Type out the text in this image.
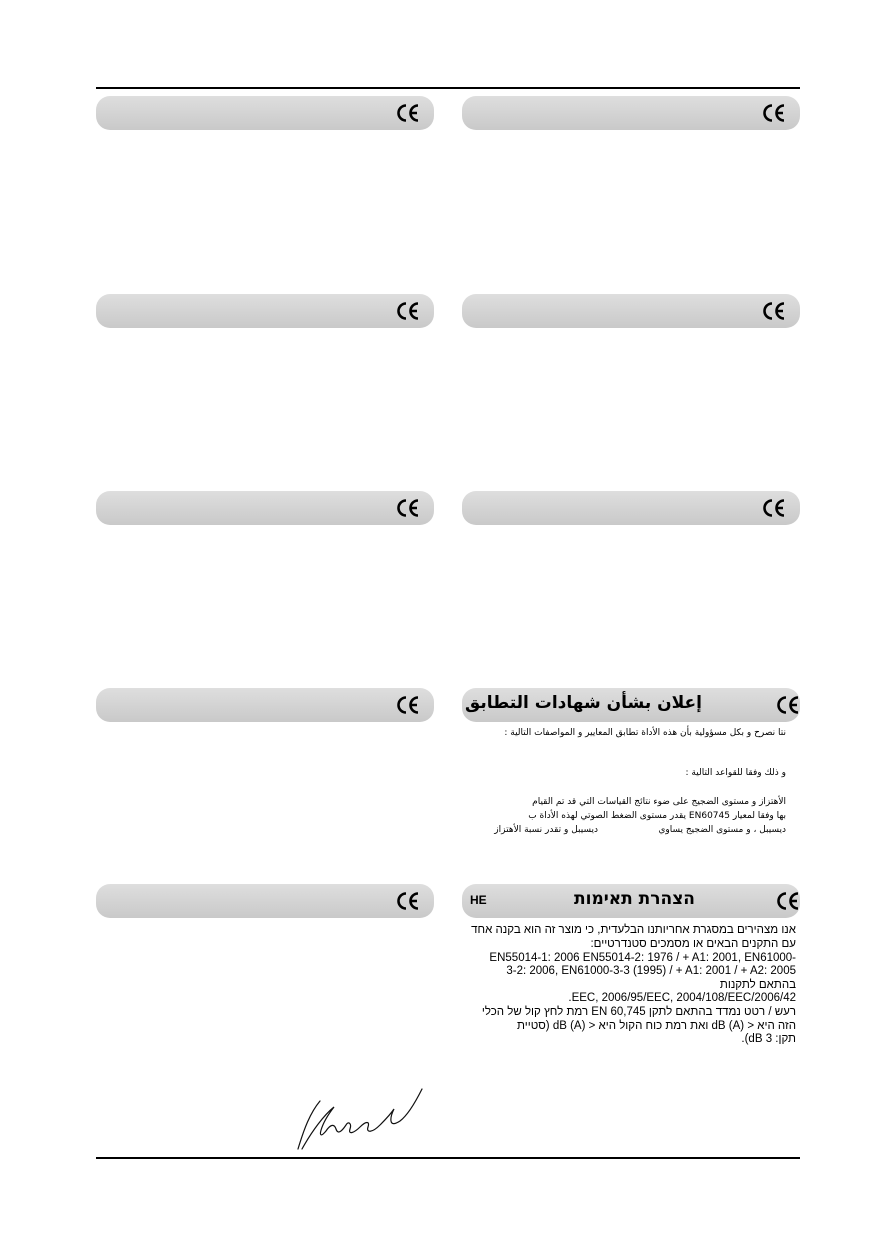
إعلان بشأن شهادات التطابق
نتا نصرح و بكل مسؤولية بأن هذه الأداة تطابق المعايير و المواصفات التالية :
و ذلك وفقا للقواعد التالية :
الأهتزاز و مستوى الضجيج على ضوء نتائج القياسات التي قد تم القيام
بها وفقا لمعيار EN60745 يقدر مستوى الضغط الصوتي لهذه الأداة ب
ديسيبل ، و مستوى الضجيج يساوي
ديسيبل و تقدر نسبة الأهتزاز
HE	הצהרת תאימות
אנו מצהירים במסגרת אחריותנו הבלעדית, כי מוצר זה הוא בקנה אחד
עם התקנים הבאים או מסמכים סטנדרטיים:
EN55014-1: 2006 EN55014-2: 1976 / + A1: 2001, EN61000-
3-2: 2006, EN61000-3-3 (1995) / + A1: 2001 / + A2: 2005
בהתאם לתקנות
.EEC, 2006/95/EEC, 2004/108/EEC/2006/42
רעש / רטט נמדד בהתאם לתקן EN 60,745 רמת לחץ קול של הכלי
הזה היא < dB (A) ואת רמת כוח הקול היא < dB (A) (סטיית
תקן: 3 dB).
